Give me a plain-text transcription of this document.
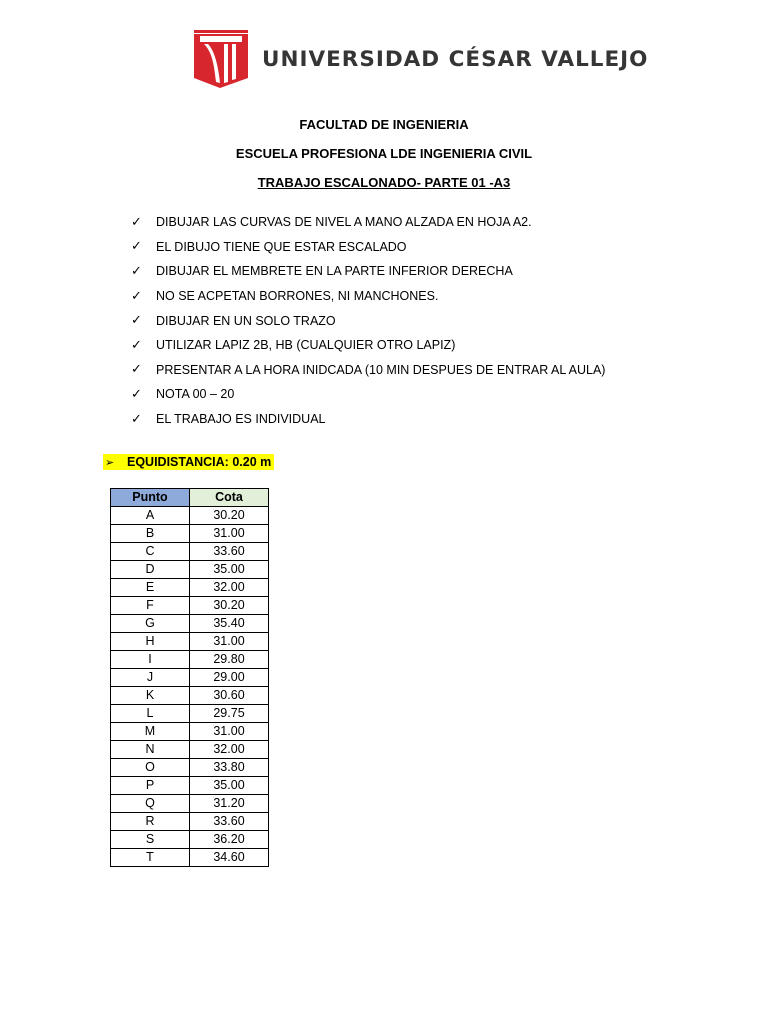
UNIVERSIDAD CÉSAR VALLEJO
FACULTAD DE INGENIERIA
ESCUELA PROFESIONA LDE INGENIERIA CIVIL
TRABAJO ESCALONADO- PARTE 01 -A3
✓	DIBUJAR LAS CURVAS DE NIVEL A MANO ALZADA EN HOJA A2.
✓	EL DIBUJO TIENE QUE ESTAR ESCALADO
✓	DIBUJAR EL MEMBRETE EN LA PARTE INFERIOR DERECHA
✓	NO SE ACPETAN BORRONES, NI MANCHONES.
✓	DIBUJAR EN UN SOLO TRAZO
✓	UTILIZAR LAPIZ 2B, HB (CUALQUIER OTRO LAPIZ)
✓	PRESENTAR A LA HORA INIDCADA (10 MIN DESPUES DE ENTRAR AL AULA)
✓	NOTA 00 – 20
✓	EL TRABAJO ES INDIVIDUAL
➢	EQUIDISTANCIA: 0.20 m
Punto	Cota
A	30.20
B	31.00
C	33.60
D	35.00
E	32.00
F	30.20
G	35.40
H	31.00
I	29.80
J	29.00
K	30.60
L	29.75
M	31.00
N	32.00
O	33.80
P	35.00
Q	31.20
R	33.60
S	36.20
T	34.60
